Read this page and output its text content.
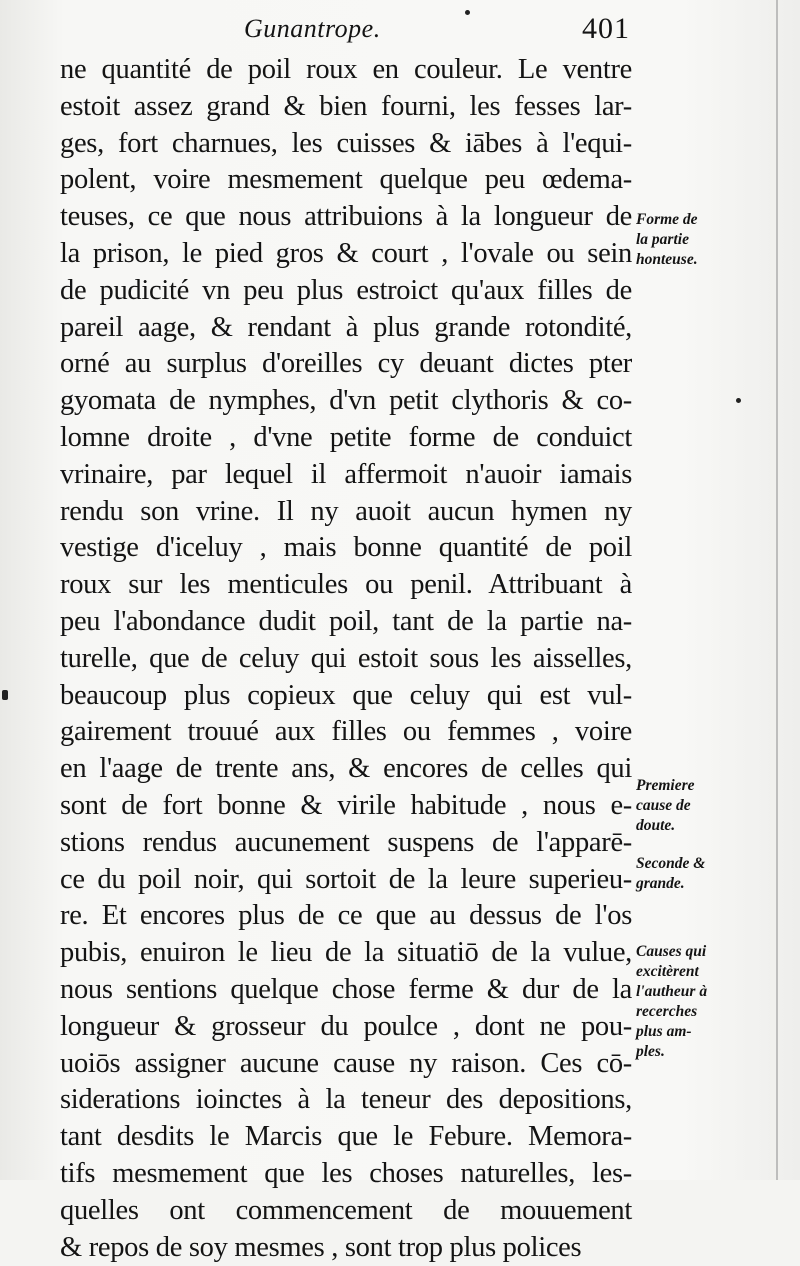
Gunantrope.	401
ne quantité de poil roux en couleur. Le ventre
estoit assez grand & bien fourni, les fesses lar-
ges, fort charnues, les cuisses & iābes à l'equi-
polent, voire mesmement quelque peu œdema-
teuses, ce que nous attribuions à la longueur de
la prison, le pied gros & court , l'ovale ou sein
de pudicité vn peu plus estroict qu'aux filles de
pareil aage, & rendant à plus grande rotondité,
orné au surplus d'oreilles cy deuant dictes pter
gyomata de nymphes, d'vn petit clythoris & co-
lomne droite , d'vne petite forme de conduict
vrinaire, par lequel il affermoit n'auoir iamais
rendu son vrine. Il ny auoit aucun hymen ny
vestige d'iceluy , mais bonne quantité de poil
roux sur les menticules ou penil. Attribuant à
peu l'abondance dudit poil, tant de la partie na-
turelle, que de celuy qui estoit sous les aisselles,
beaucoup plus copieux que celuy qui est vul-
gairement trouué aux filles ou femmes , voire
en l'aage de trente ans, & encores de celles qui
sont de fort bonne & virile habitude , nous e-
stions rendus aucunement suspens de l'apparē-
ce du poil noir, qui sortoit de la leure superieu-
re. Et encores plus de ce que au dessus de l'os
pubis, enuiron le lieu de la situatiō de la vulue,
nous sentions quelque chose ferme & dur de la
longueur & grosseur du poulce , dont ne pou-
uoiōs assigner aucune cause ny raison. Ces cō-
siderations ioinctes à la teneur des depositions,
tant desdits le Marcis que le Febure. Memora-
tifs mesmement que les choses naturelles, les-
quelles ont commencement de mouuement
& repos de soy mesmes , sont trop plus polices
Forme de
la partie
honteuse.
Premiere
cause de
doute.
Seconde &
grande.
Causes qui
excitèrent
l'autheur à
recerches
plus am-
ples.
